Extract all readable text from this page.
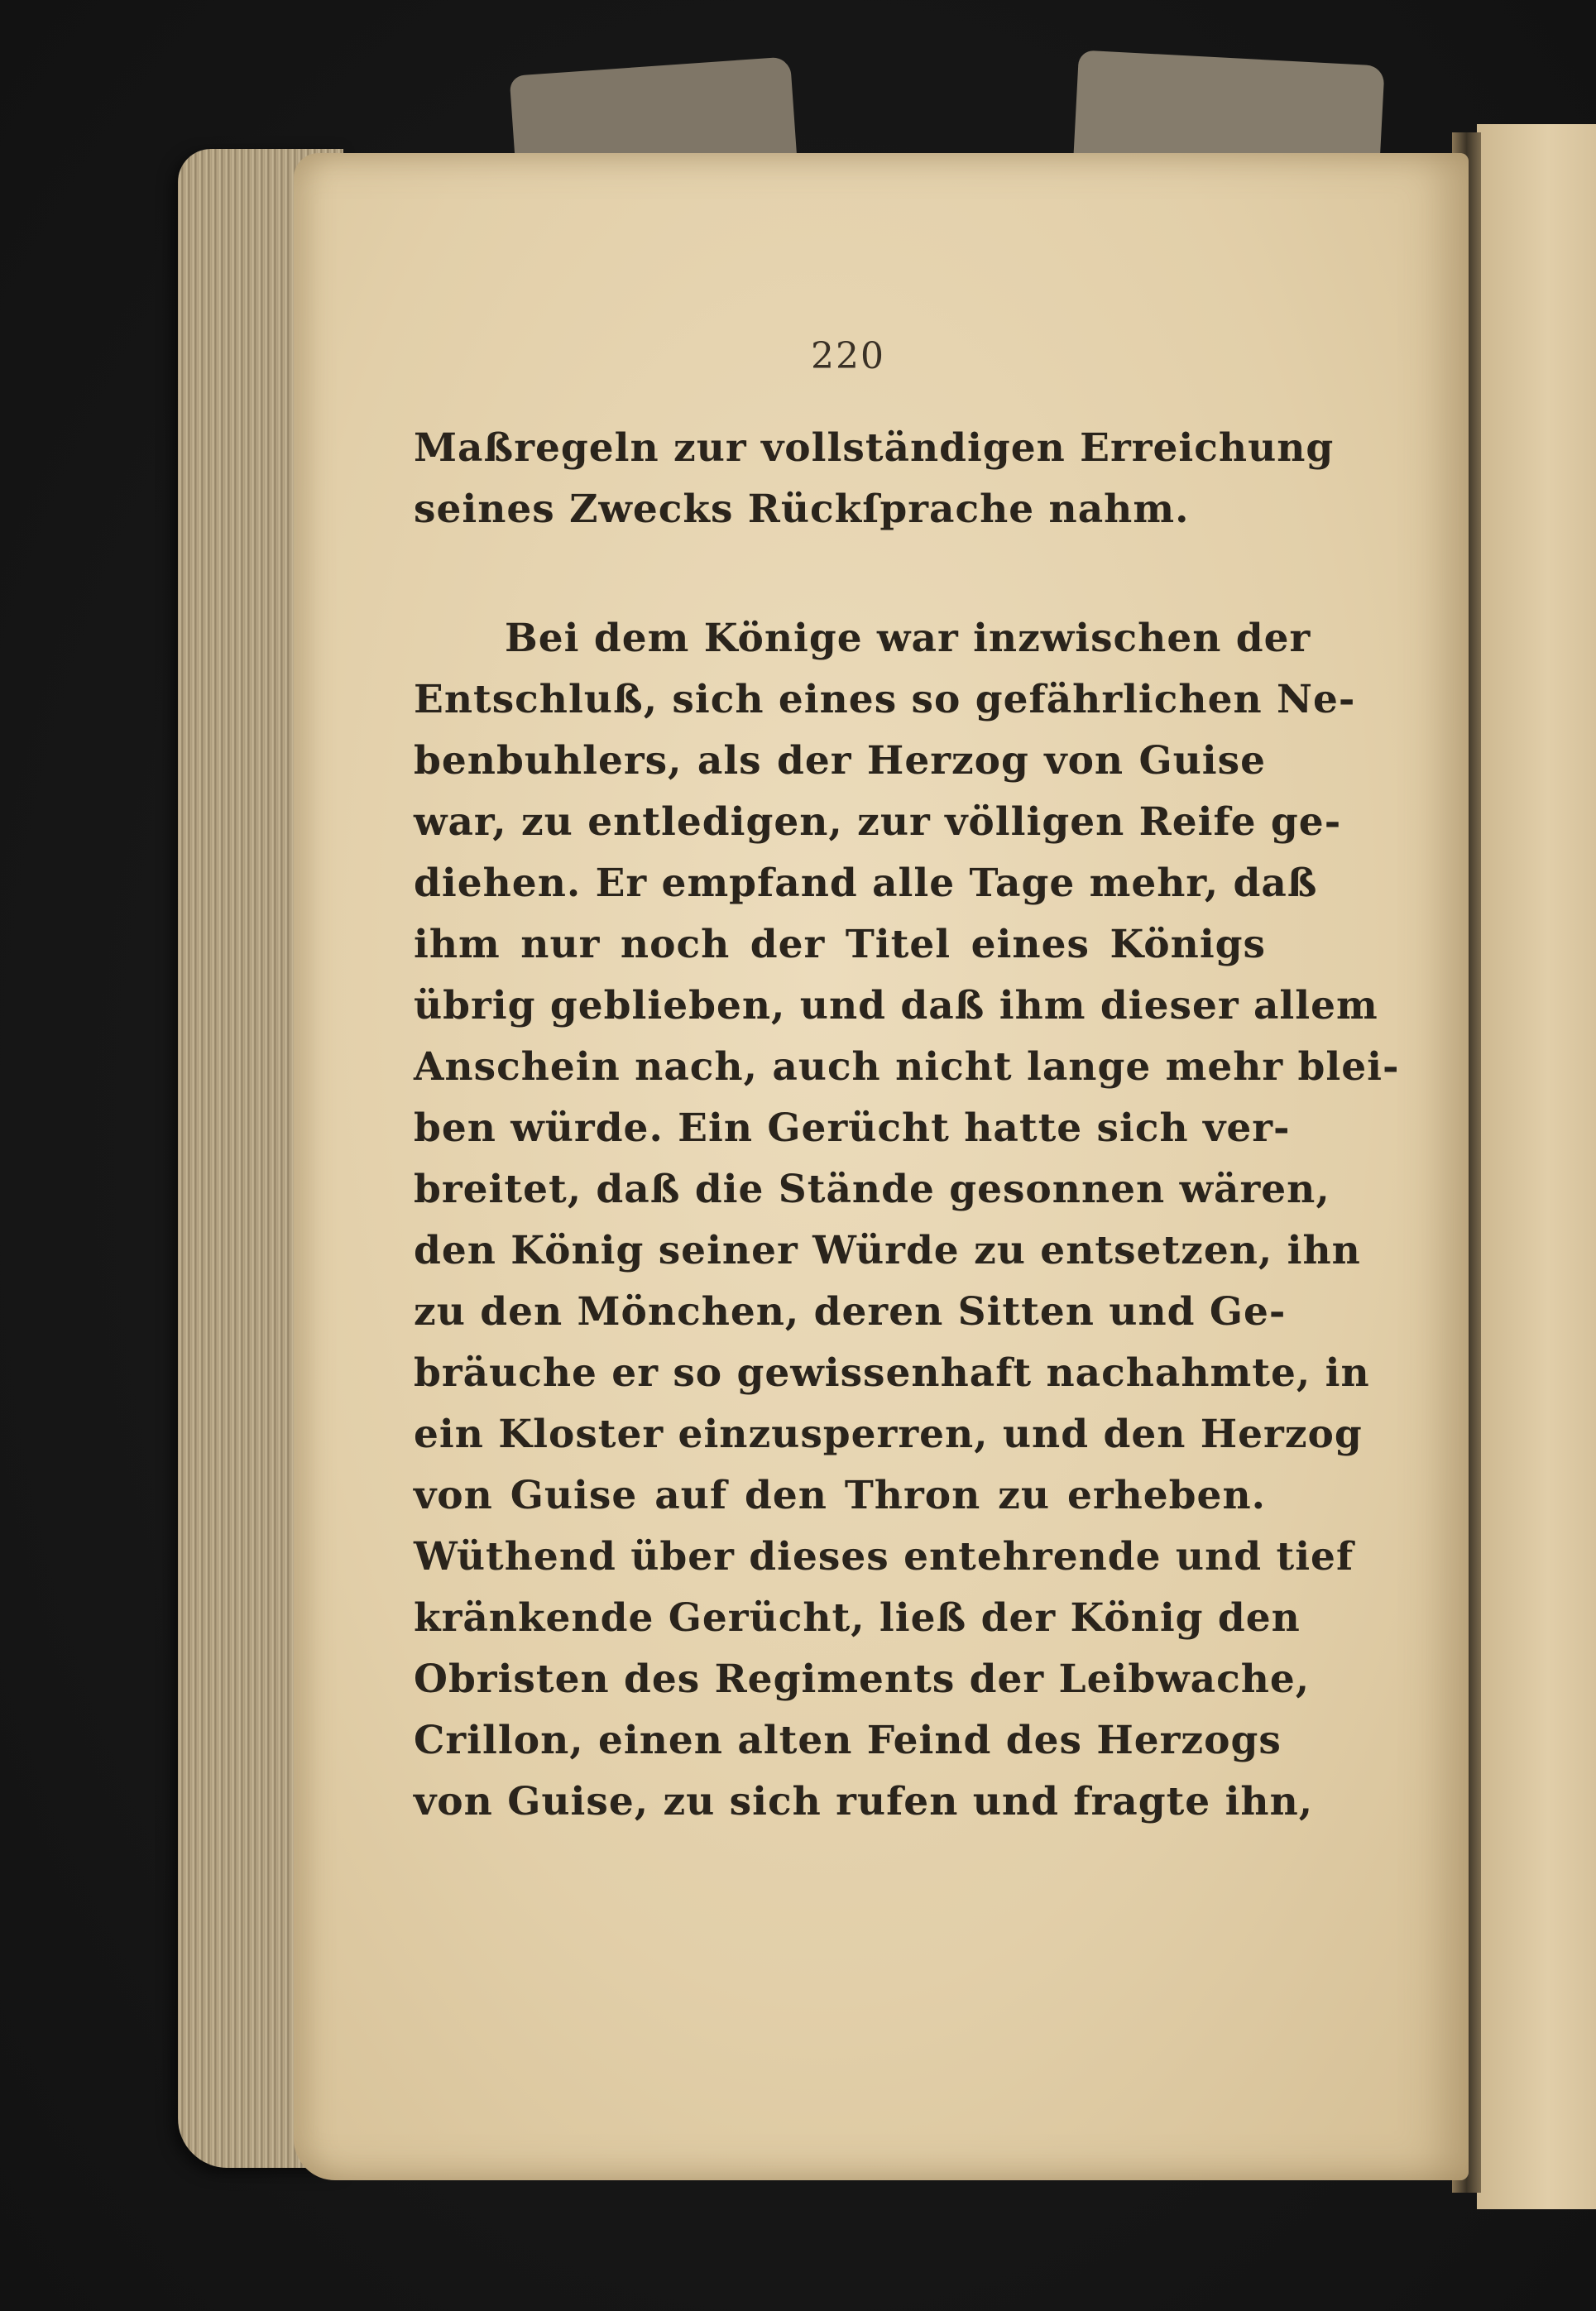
220
Maßregeln zur vollständigen Erreichung
seines Zwecks Rückſprache nahm.
Bei dem Könige war inzwischen der
Entschluß, sich eines so gefährlichen Ne-
benbuhlers, als der Herzog von Guise
war, zu entledigen, zur völligen Reife ge-
diehen. Er empfand alle Tage mehr, daß
ihm nur noch der Titel eines Königs
übrig geblieben, und daß ihm dieser allem
Anschein nach, auch nicht lange mehr blei-
ben würde. Ein Gerücht hatte sich ver-
breitet, daß die Stände gesonnen wären,
den König seiner Würde zu entsetzen, ihn
zu den Mönchen, deren Sitten und Ge-
bräuche er so gewissenhaft nachahmte, in
ein Kloster einzusperren, und den Herzog
von Guise auf den Thron zu erheben.
Wüthend über dieses entehrende und tief
kränkende Gerücht, ließ der König den
Obristen des Regiments der Leibwache,
Crillon, einen alten Feind des Herzogs
von Guise, zu sich rufen und fragte ihn,
